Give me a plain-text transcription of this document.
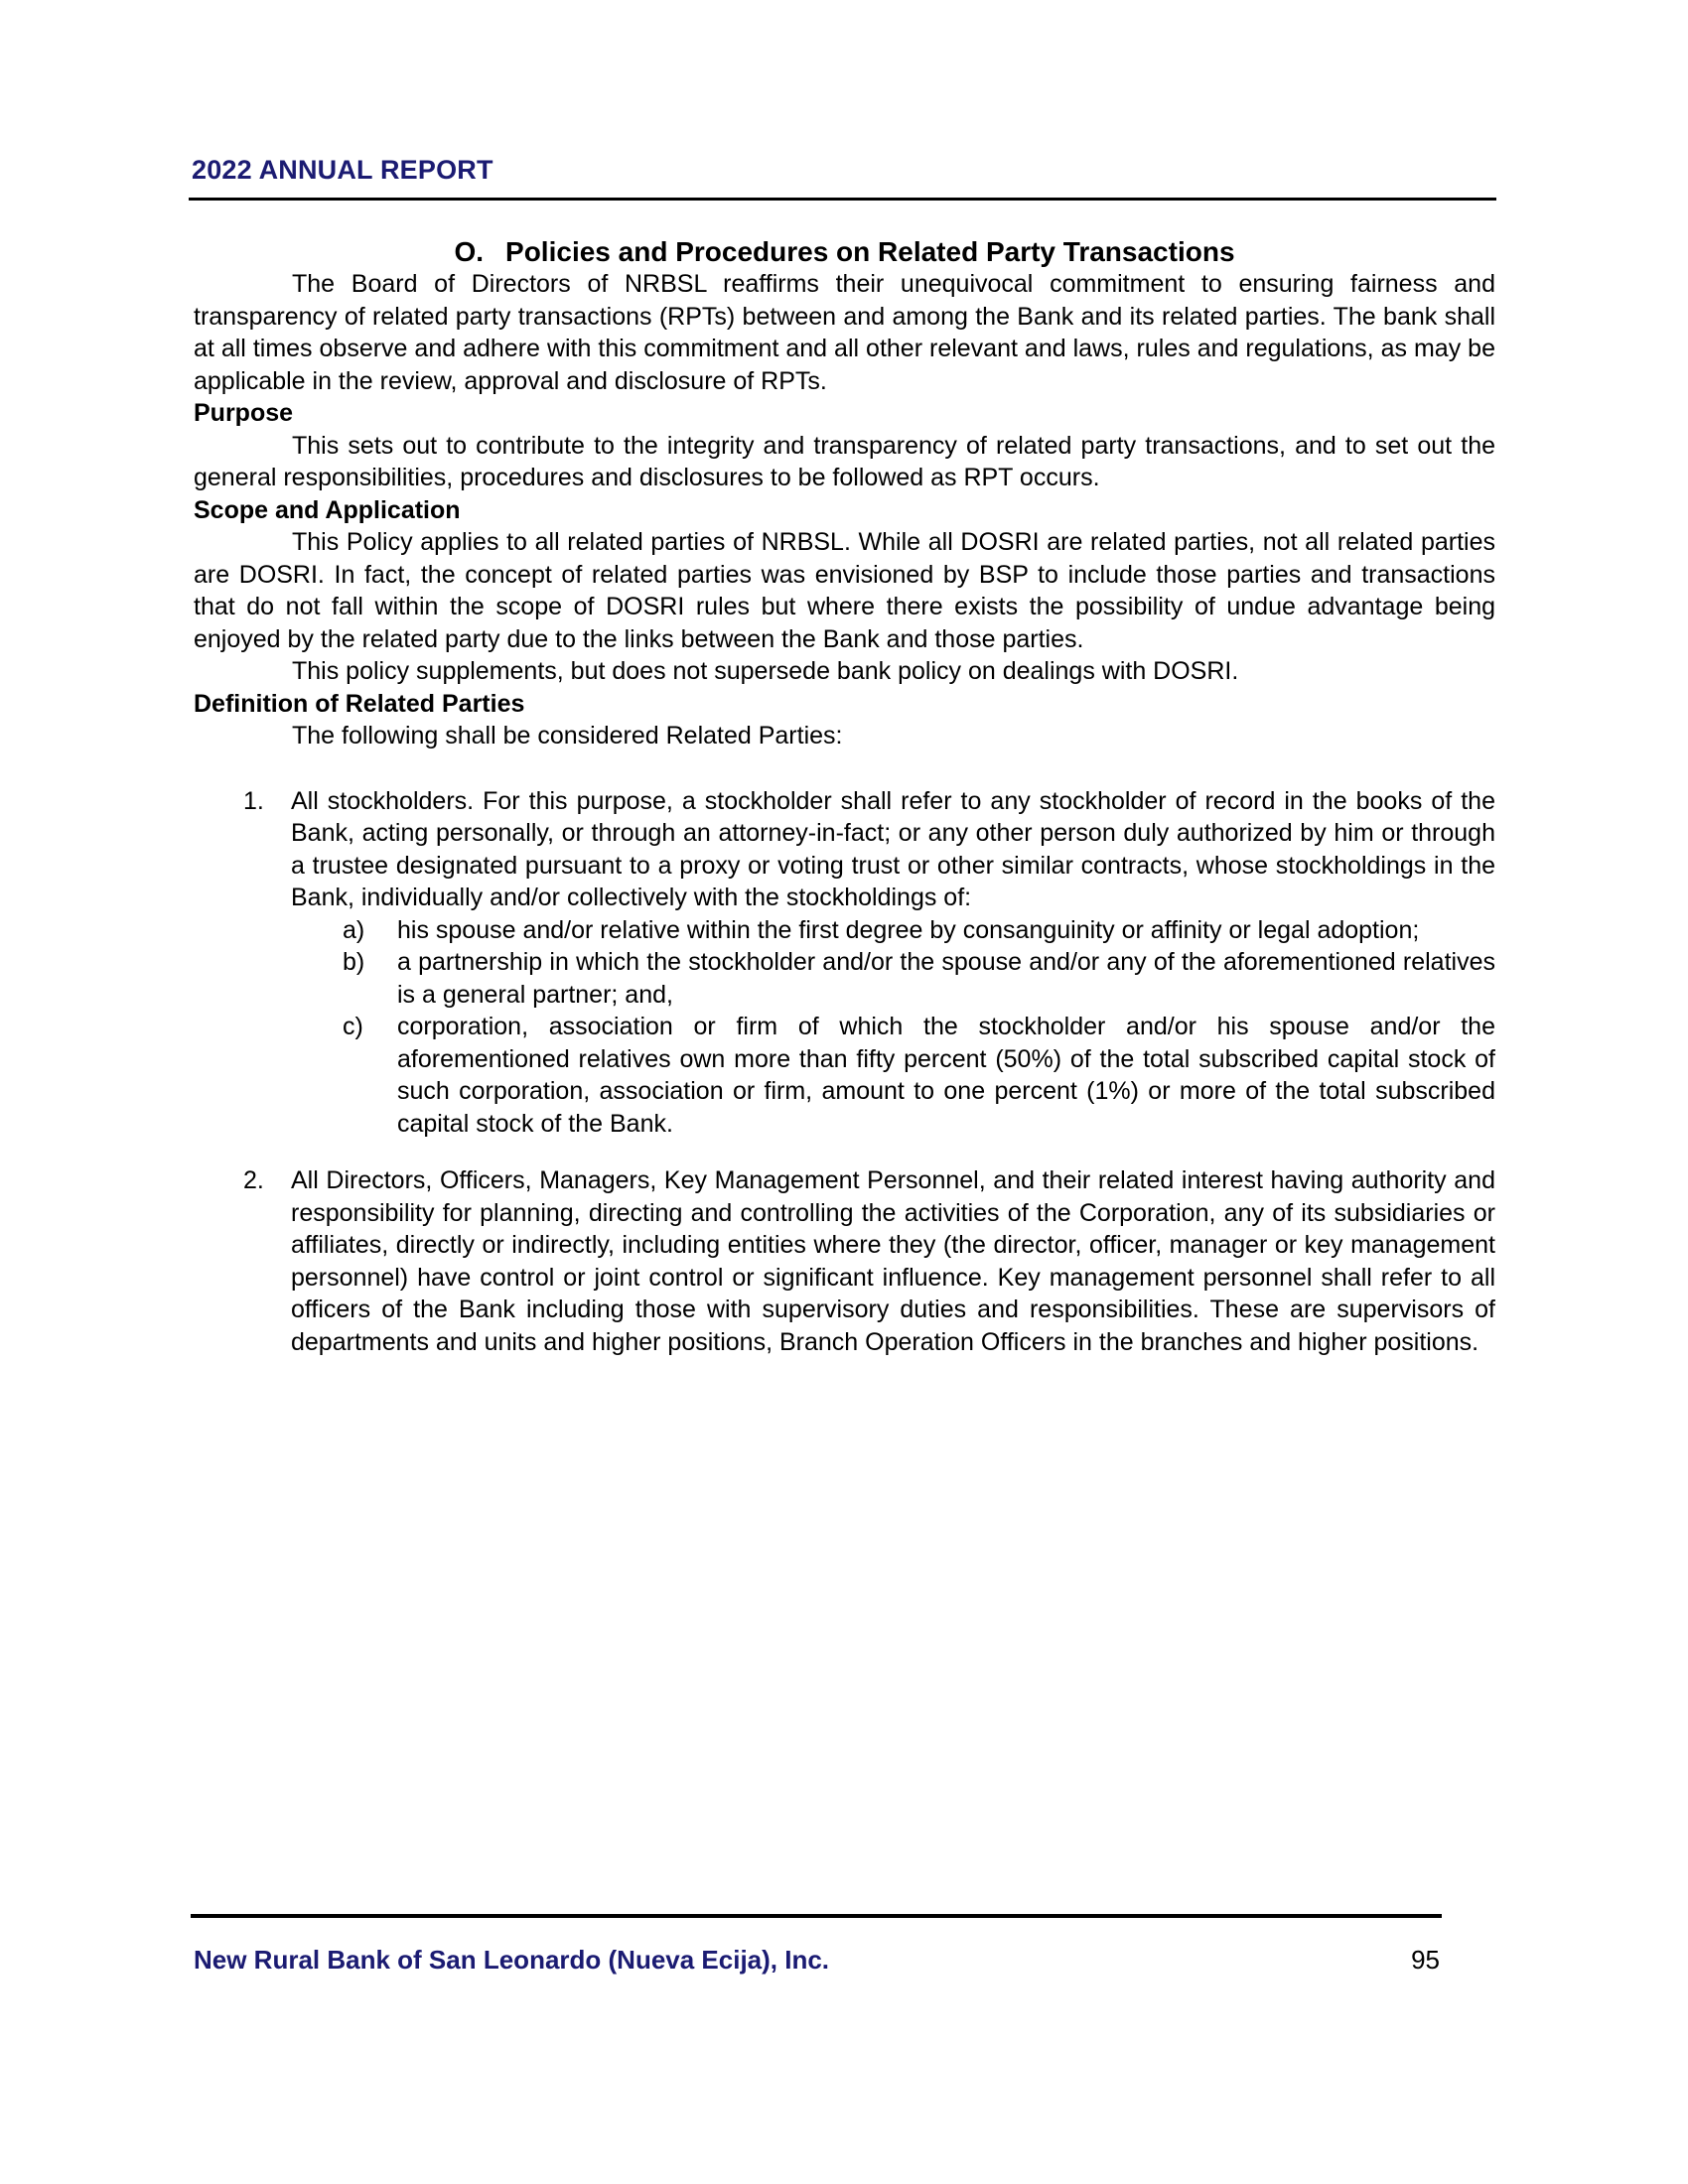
2022 ANNUAL REPORT
O. Policies and Procedures on Related Party Transactions

The Board of Directors of NRBSL reaffirms their unequivocal commitment to ensuring fairness and transparency of related party transactions (RPTs) between and among the Bank and its related parties. The bank shall at all times observe and adhere with this commitment and all other relevant and laws, rules and regulations, as may be applicable in the review, approval and disclosure of RPTs.

Purpose

This sets out to contribute to the integrity and transparency of related party transactions, and to set out the general responsibilities, procedures and disclosures to be followed as RPT occurs.

Scope and Application

This Policy applies to all related parties of NRBSL. While all DOSRI are related parties, not all related parties are DOSRI. In fact, the concept of related parties was envisioned by BSP to include those parties and transactions that do not fall within the scope of DOSRI rules but where there exists the possibility of undue advantage being enjoyed by the related party due to the links between the Bank and those parties.

This policy supplements, but does not supersede bank policy on dealings with DOSRI.

Definition of Related Parties

The following shall be considered Related Parties:

1. All stockholders. For this purpose, a stockholder shall refer to any stockholder of record in the books of the Bank, acting personally, or through an attorney-in-fact; or any other person duly authorized by him or through a trustee designated pursuant to a proxy or voting trust or other similar contracts, whose stockholdings in the Bank, individually and/or collectively with the stockholdings of:

a) his spouse and/or relative within the first degree by consanguinity or affinity or legal adoption;
b) a partnership in which the stockholder and/or the spouse and/or any of the aforementioned relatives is a general partner; and,
c) corporation, association or firm of which the stockholder and/or his spouse and/or the aforementioned relatives own more than fifty percent (50%) of the total subscribed capital stock of such corporation, association or firm, amount to one percent (1%) or more of the total subscribed capital stock of the Bank.
2. All Directors, Officers, Managers, Key Management Personnel, and their related interest having authority and responsibility for planning, directing and controlling the activities of the Corporation, any of its subsidiaries or affiliates, directly or indirectly, including entities where they (the director, officer, manager or key management personnel) have control or joint control or significant influence. Key management personnel shall refer to all officers of the Bank including those with supervisory duties and responsibilities. These are supervisors of departments and units and higher positions, Branch Operation Officers in the branches and higher positions.

New Rural Bank of San Leonardo (Nueva Ecija), Inc.	95
